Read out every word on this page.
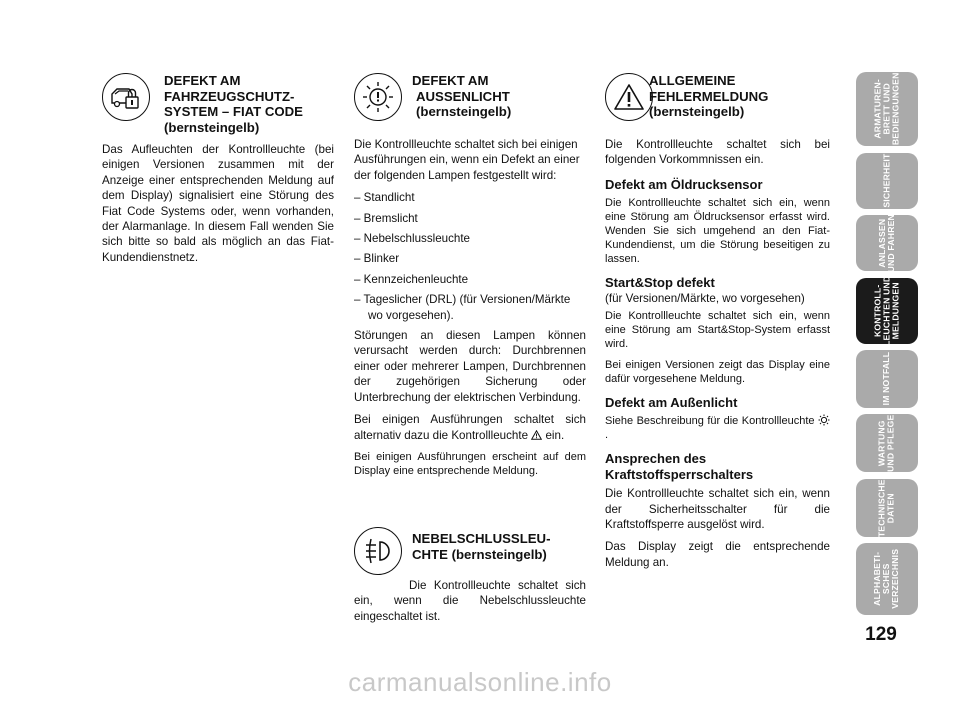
DEFEKT AM
FAHRZEUGSCHUTZ-
SYSTEM – FIAT CODE
(bernsteingelb)

Das Aufleuchten der Kontrollleuchte (bei einigen Versionen zusammen mit der Anzeige einer entsprechenden Meldung auf dem Display) signalisiert eine Störung des Fiat Code Systems oder, wenn vorhanden, der Alarmanlage. In diesem Fall wenden Sie sich bitte so bald als möglich an das Fiat-Kundendienstnetz.

DEFEKT AM
AUSSENLICHT
(bernsteingelb)

Die Kontrollleuchte schaltet sich bei einigen Ausführungen ein, wenn ein Defekt an einer der folgenden Lampen festgestellt wird:

– Standlicht
– Bremslicht
– Nebelschlussleuchte
– Blinker
– Kennzeichenleuchte
– Tageslicher (DRL) (für Versionen/Märkte wo vorgesehen).

Störungen an diesen Lampen können verursacht werden durch: Durchbrennen einer oder mehrerer Lampen, Durchbrennen der zugehörigen Sicherung oder Unterbrechung der elektrischen Verbindung.

Bei einigen Ausführungen schaltet sich alternativ dazu die Kontrollleuchte ein.

Bei einigen Ausführungen erscheint auf dem Display eine entsprechende Meldung.

NEBELSCHLUSSLEU-
CHTE (bernsteingelb)

Die Kontrollleuchte schaltet sich ein, wenn die Nebelschlussleuchte eingeschaltet ist.

ALLGEMEINE
FEHLERMELDUNG
(bernsteingelb)

Die Kontrollleuchte schaltet sich bei folgenden Vorkommnissen ein.

Defekt am Öldrucksensor

Die Kontrollleuchte schaltet sich ein, wenn eine Störung am Öldrucksensor erfasst wird. Wenden Sie sich umgehend an den Fiat-Kundendienst, um die Störung beseitigen zu lassen.

Start&Stop defekt

(für Versionen/Märkte, wo vorgesehen)

Die Kontrollleuchte schaltet sich ein, wenn eine Störung am Start&Stop-System erfasst wird.

Bei einigen Versionen zeigt das Display eine dafür vorgesehene Meldung.

Defekt am Außenlicht

Siehe Beschreibung für die Kontrollleuchte  .

Ansprechen des
Kraftstoffsperrschalters

Die Kontrollleuchte schaltet sich ein, wenn der Sicherheitsschalter für die Kraftstoffsperre ausgelöst wird.

Das Display zeigt die entsprechende Meldung an.

ARMATUREN-
BRETT UND
BEDIENGUNGEN
SICHERHEIT
ANLASSEN
UND FAHREN
KONTROLL-
LEUCHTEN UND
MELDUNGEN
IM NOTFALL
WARTUNG
UND PFLEGE
TECHNISCHE
DATEN
ALPHABETI-
SCHES
VERZEICHNIS
129
carmanualsonline.info
